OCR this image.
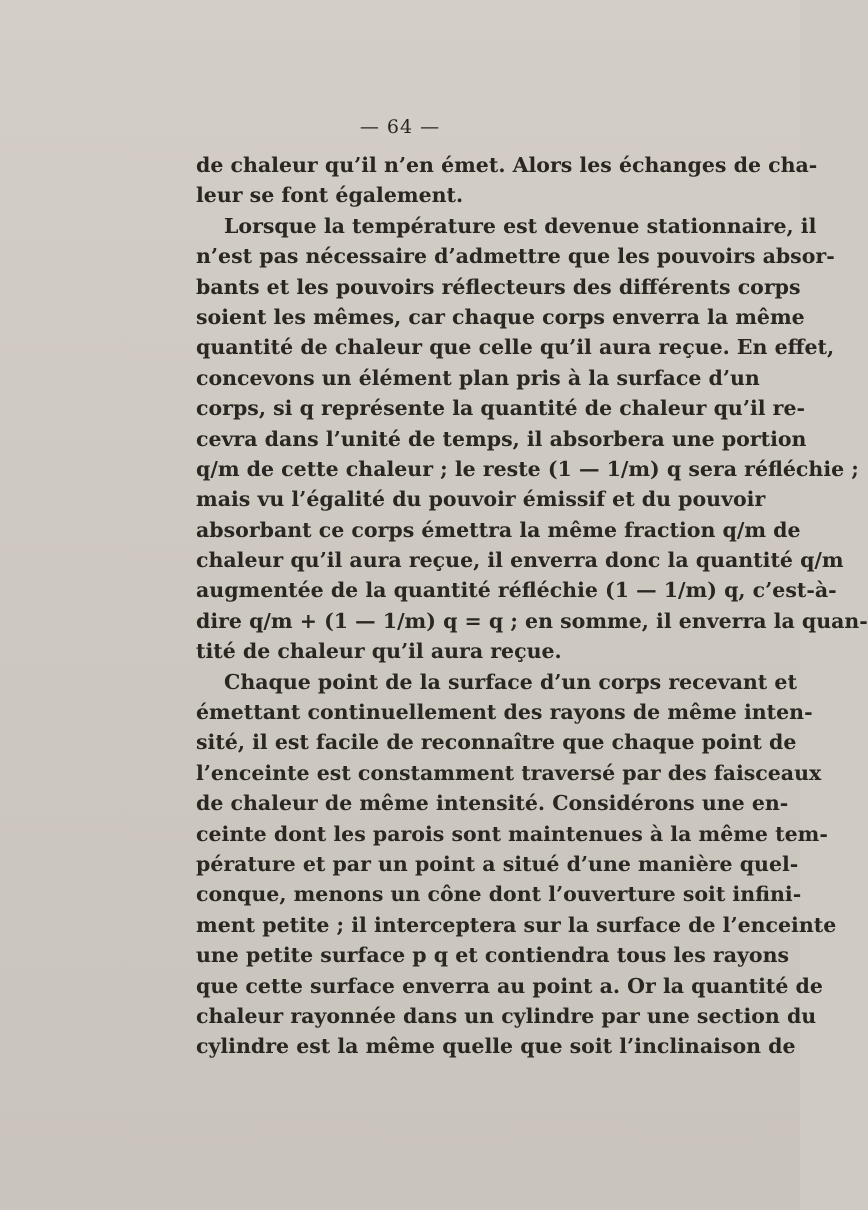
— 64 —
de chaleur qu’il n’en émet. Alors les échanges de cha-
leur se font également.
Lorsque la température est devenue stationnaire, il
n’est pas nécessaire d’admettre que les pouvoirs absor-
bants et les pouvoirs réflecteurs des différents corps
soient les mêmes, car chaque corps enverra la même
quantité de chaleur que celle qu’il aura reçue. En effet,
concevons un élément plan pris à la surface d’un
corps, si q représente la quantité de chaleur qu’il re-
cevra dans l’unité de temps, il absorbera une portion
q/m de cette chaleur ; le reste (1 — 1/m) q sera réfléchie ;
mais vu l’égalité du pouvoir émissif et du pouvoir
absorbant ce corps émettra la même fraction q/m de
chaleur qu’il aura reçue, il enverra donc la quantité q/m
augmentée de la quantité réfléchie (1 — 1/m) q, c’est-à-
dire q/m + (1 — 1/m) q = q ; en somme, il enverra la quan-
tité de chaleur qu’il aura reçue.
Chaque point de la surface d’un corps recevant et
émettant continuellement des rayons de même inten-
sité, il est facile de reconnaître que chaque point de
l’enceinte est constamment traversé par des faisceaux
de chaleur de même intensité. Considérons une en-
ceinte dont les parois sont maintenues à la même tem-
pérature et par un point a situé d’une manière quel-
conque, menons un cône dont l’ouverture soit infini-
ment petite ; il interceptera sur la surface de l’enceinte
une petite surface p q et contiendra tous les rayons
que cette surface enverra au point a. Or la quantité de
chaleur rayonnée dans un cylindre par une section du
cylindre est la même quelle que soit l’inclinaison de
